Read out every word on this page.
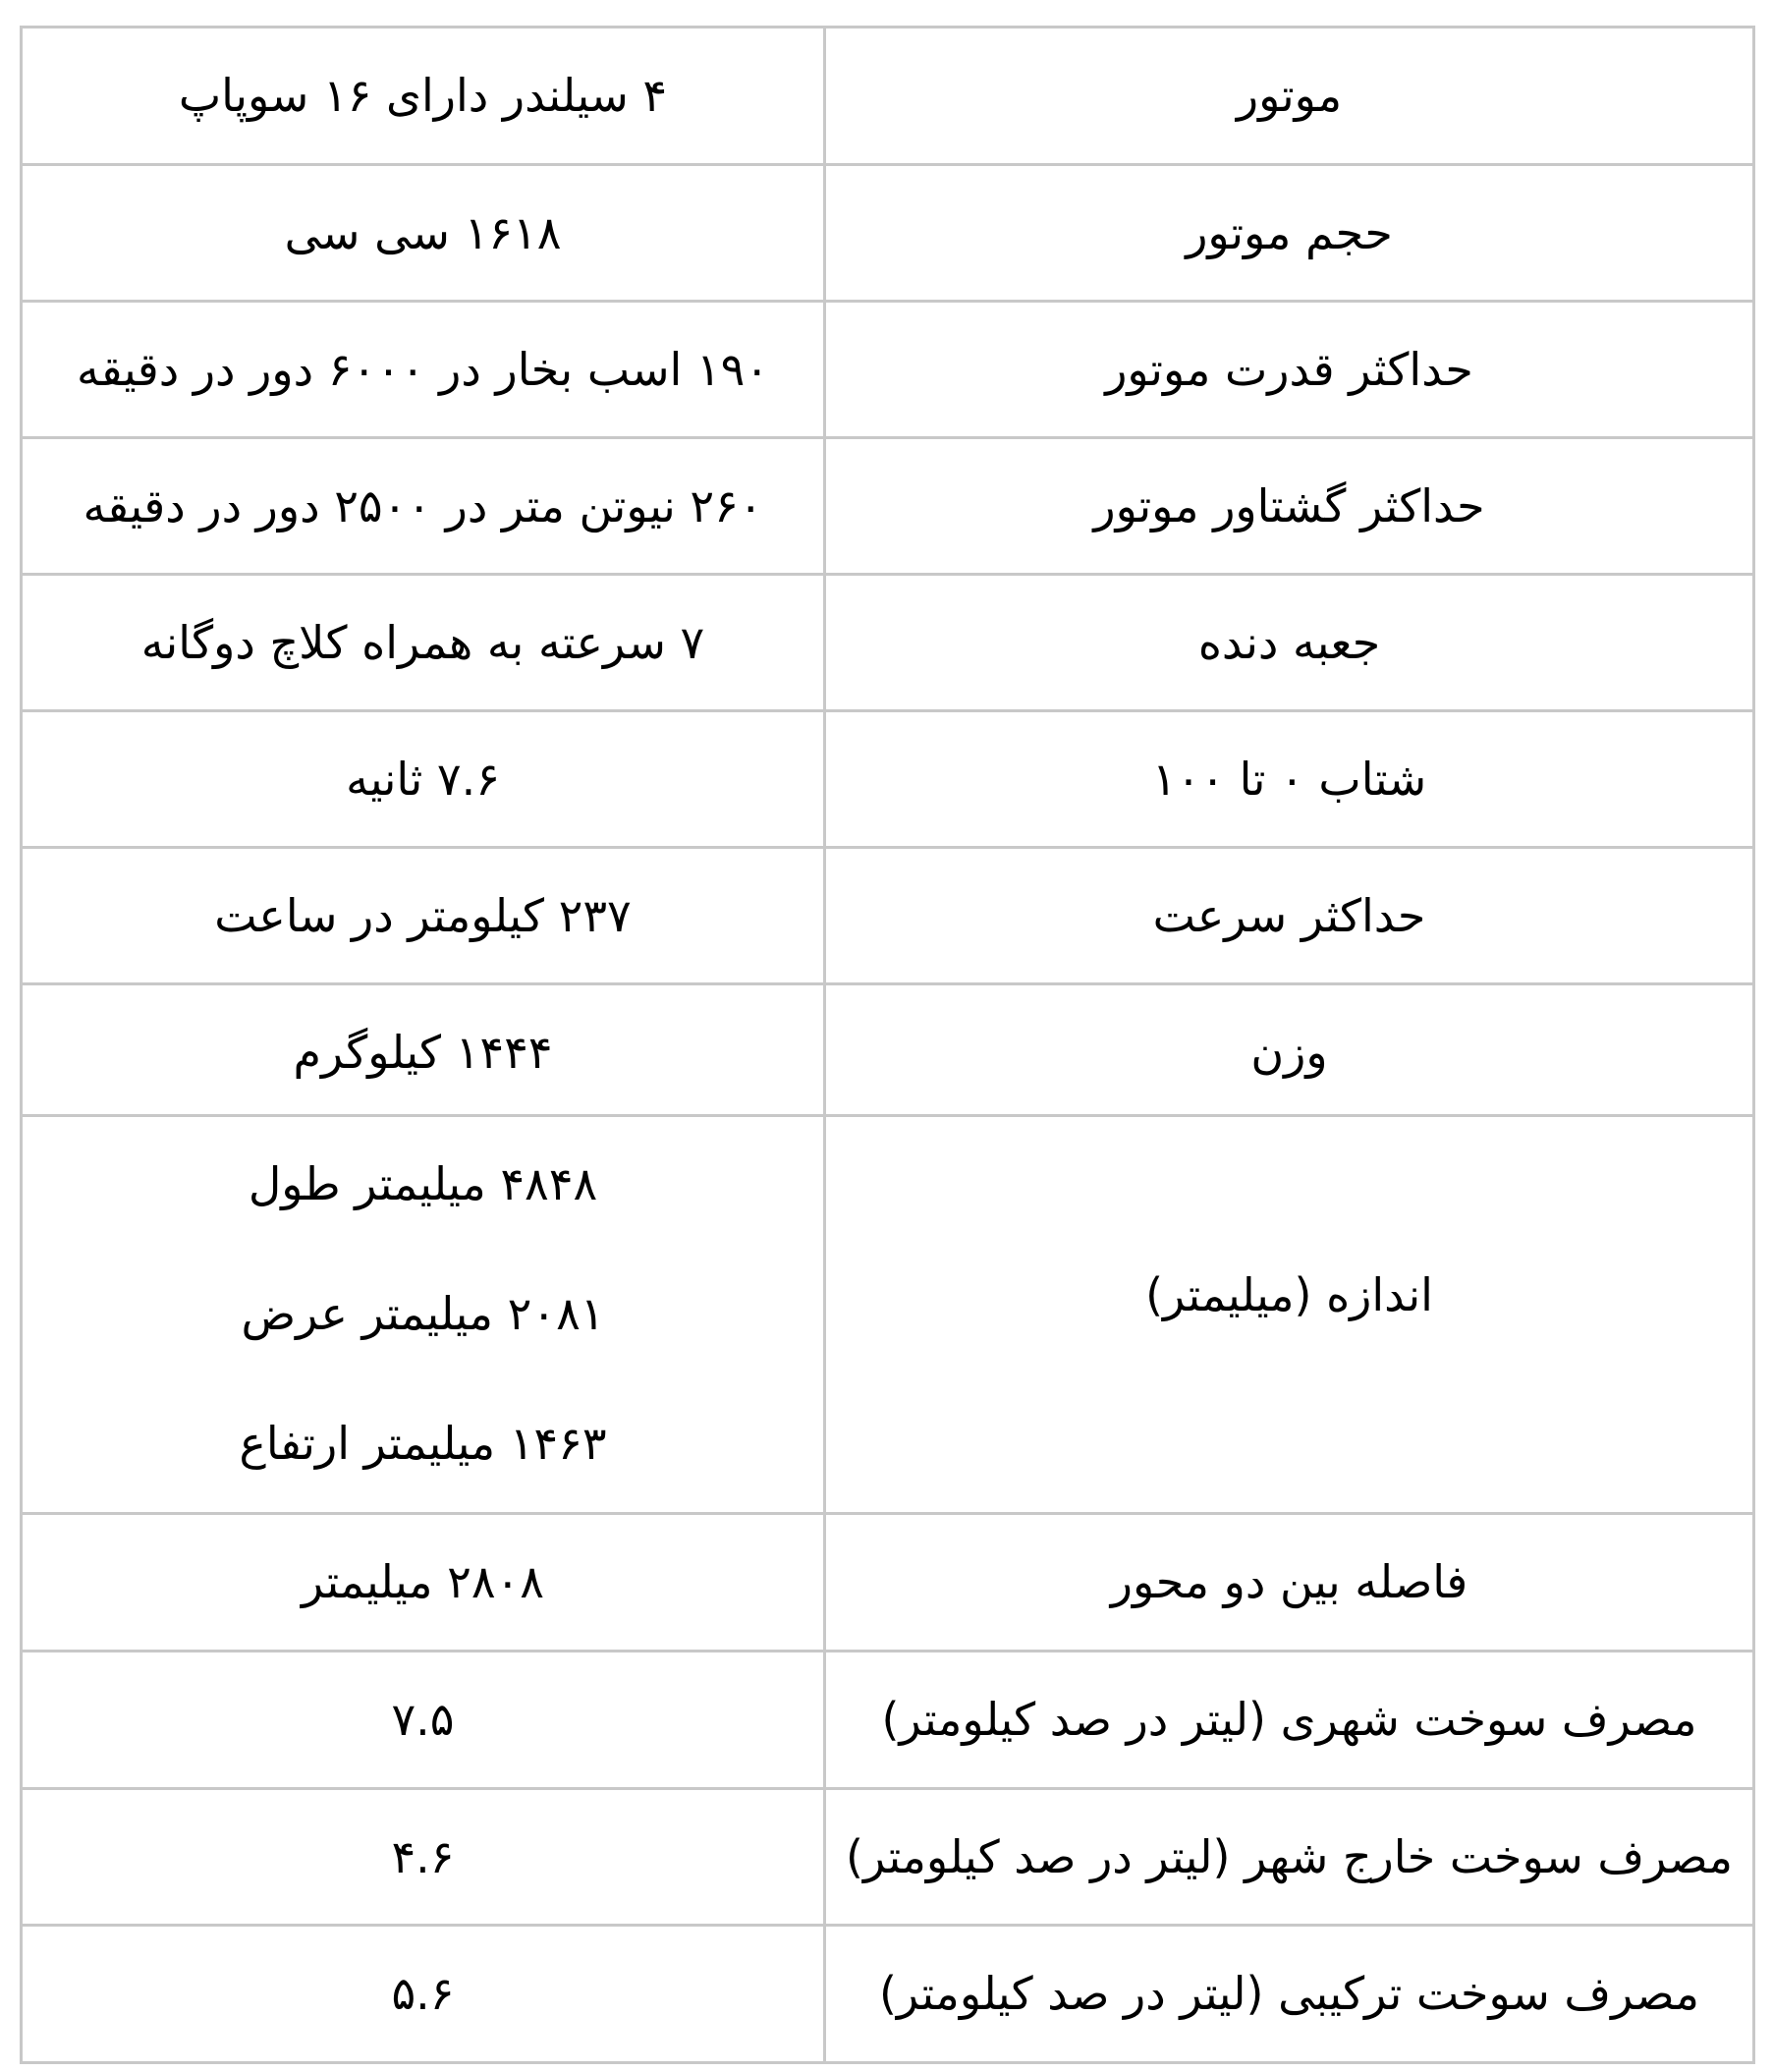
۴ سیلندر دارای ۱۶ سوپاپ	موتور

۱۶۱۸ سی سی	حجم موتور

۱۹۰ اسب بخار در ۶۰۰۰ دور در دقیقه	حداکثر قدرت موتور

۲۶۰ نیوتن متر در ۲۵۰۰ دور در دقیقه	حداکثر گشتاور موتور

۷ سرعته به همراه کلاچ دوگانه	جعبه دنده

۷.۶ ثانیه	شتاب ۰ تا ۱۰۰

۲۳۷ کیلومتر در ساعت	حداکثر سرعت

۱۴۴۴ کیلوگرم	وزن

۴۸۴۸ میلیمتر طول
۲۰۸۱ میلیمتر عرض
۱۴۶۳ میلیمتر ارتفاع	اندازه (میلیمتر)

۲۸۰۸ میلیمتر	فاصله بین دو محور

۷.۵	مصرف سوخت شهری (لیتر در صد کیلومتر)

۴.۶	مصرف سوخت خارج شهر (لیتر در صد کیلومتر)

۵.۶	مصرف سوخت ترکیبی (لیتر در صد کیلومتر)
